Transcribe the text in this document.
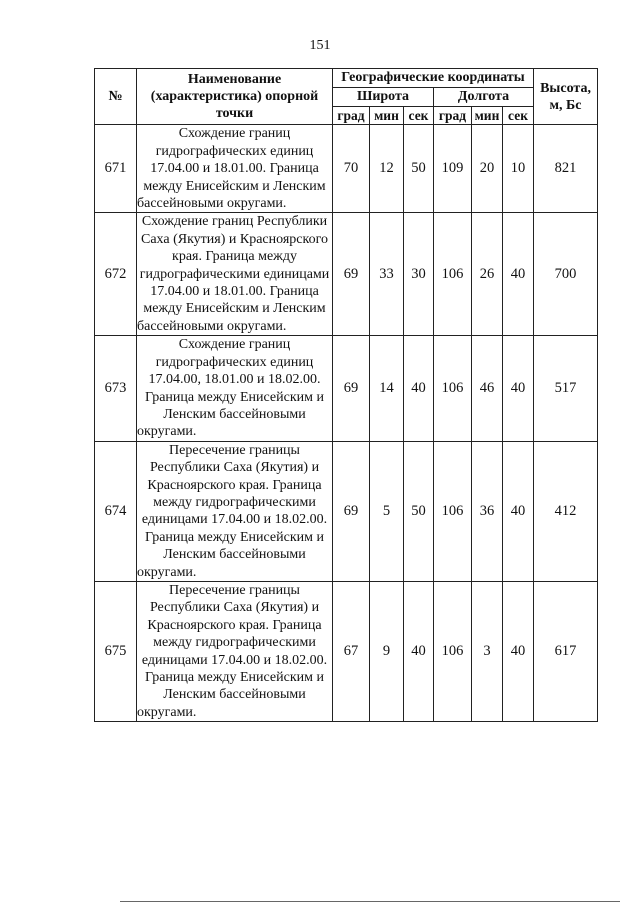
151
№	Наименование (характеристика) опорной точки	Географические координаты						Высота, м, Бс
		Широта			Долгота			
		град	мин	сек	град	мин	сек	
671	Схождение границ гидрографических единиц 17.04.00 и 18.01.00. Граница между Енисейским и Ленским бассейновыми округами.	70	12	50	109	20	10	821
672	Схождение границ Республики Саха (Якутия) и Красноярского края. Граница между гидрографическими единицами 17.04.00 и 18.01.00. Граница между Енисейским и Ленским бассейновыми округами.	69	33	30	106	26	40	700
673	Схождение границ гидрографических единиц 17.04.00, 18.01.00 и 18.02.00. Граница между Енисейским и Ленским бассейновыми округами.	69	14	40	106	46	40	517
674	Пересечение границы Республики Саха (Якутия) и Красноярского края. Граница между гидрографическими единицами 17.04.00 и 18.02.00. Граница между Енисейским и Ленским бассейновыми округами.	69	5	50	106	36	40	412
675	Пересечение границы Республики Саха (Якутия) и Красноярского края. Граница между гидрографическими единицами 17.04.00 и 18.02.00. Граница между Енисейским и Ленским бассейновыми округами.	67	9	40	106	3	40	617
